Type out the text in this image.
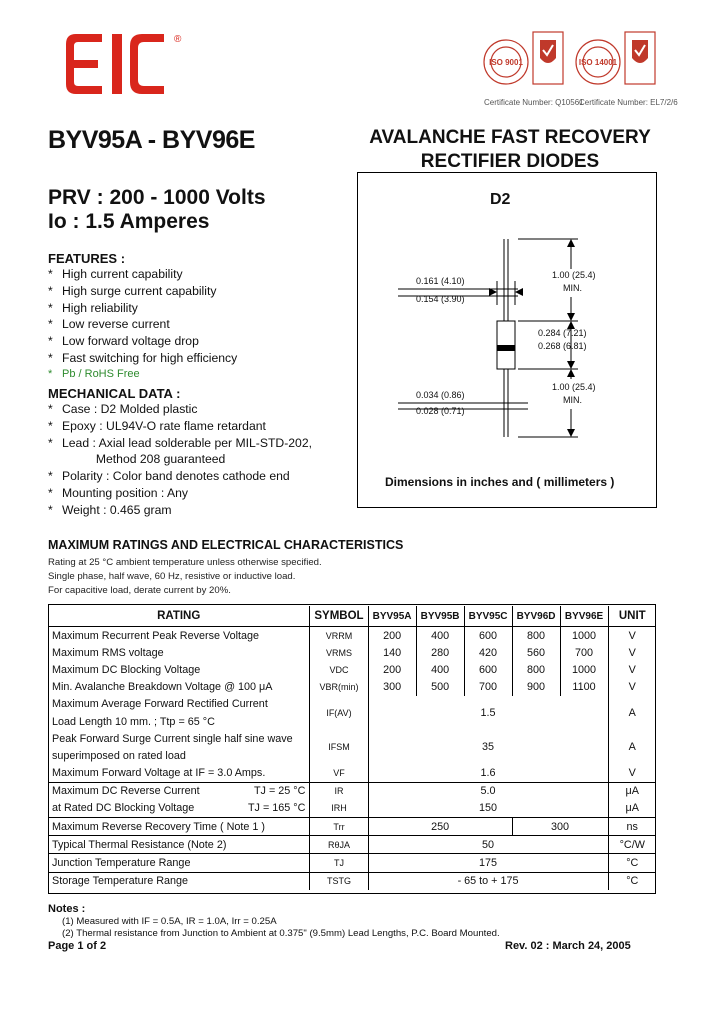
®
ISO 9001	ISO 14001
Certificate Number: Q10561
Certificate Number: EL7/2/6
BYV95A - BYV96E	AVALANCHE FAST RECOVERY
RECTIFIER DIODES
PRV : 200 - 1000 Volts
Io : 1.5 Amperes
FEATURES :
* High current capability
* High surge current capability
* High reliability
* Low reverse current
* Low forward voltage drop
* Fast switching for high efficiency
* Pb / RoHS Free
MECHANICAL DATA :
* Case : D2 Molded plastic
* Epoxy : UL94V-O rate flame retardant
* Lead : Axial lead solderable per MIL-STD-202,
Method 208 guaranteed
* Polarity : Color band denotes cathode end
* Mounting position : Any
* Weight : 0.465 gram
D2
0.161 (4.10)
0.154 (3.90)
1.00 (25.4)
MIN.
0.284 (7.21)
0.268 (6.81)
0.034 (0.86)
0.028 (0.71)
1.00 (25.4)
MIN.
Dimensions in inches and ( millimeters )
MAXIMUM RATINGS AND ELECTRICAL CHARACTERISTICS
Rating at 25 °C ambient temperature unless otherwise specified.
Single phase, half wave, 60 Hz, resistive or inductive load.
For capacitive load, derate current by 20%.
RATING	SYMBOL	BYV95A	BYV95B	BYV95C	BYV96D	BYV96E	UNIT
Maximum Recurrent Peak Reverse Voltage	VRRM	200	400	600	800	1000	V
Maximum RMS voltage	VRMS	140	280	420	560	700	V
Maximum DC Blocking Voltage	VDC	200	400	600	800	1000	V
Min. Avalanche Breakdown Voltage @ 100 μA	VBR(min)	300	500	700	900	1100	V
Maximum Average Forward Rectified Current	IF(AV)	1.5					A
Load Length 10 mm. ; Ttp = 65 °C							
Peak Forward Surge Current single half sine wave	IFSM	35					A
superimposed on rated load							
Maximum Forward Voltage at IF = 3.0 Amps.	VF	1.6					V
Maximum DC Reverse Current TJ = 25 °C	IR	5.0					μA
at Rated DC Blocking Voltage TJ = 165 °C	IRH	150					μA
Maximum Reverse Recovery Time ( Note 1 )	Trr	250			300		ns
Typical Thermal Resistance (Note 2)	RθJA	50					°C/W
Junction Temperature Range	TJ	175					°C
Storage Temperature Range	TSTG	- 65 to + 175					°C
Notes :
(1) Measured with IF = 0.5A, IR = 1.0A, Irr = 0.25A
(2) Thermal resistance from Junction to Ambient at 0.375" (9.5mm) Lead Lengths, P.C. Board Mounted.
Page 1 of 2	Rev. 02 : March 24, 2005
